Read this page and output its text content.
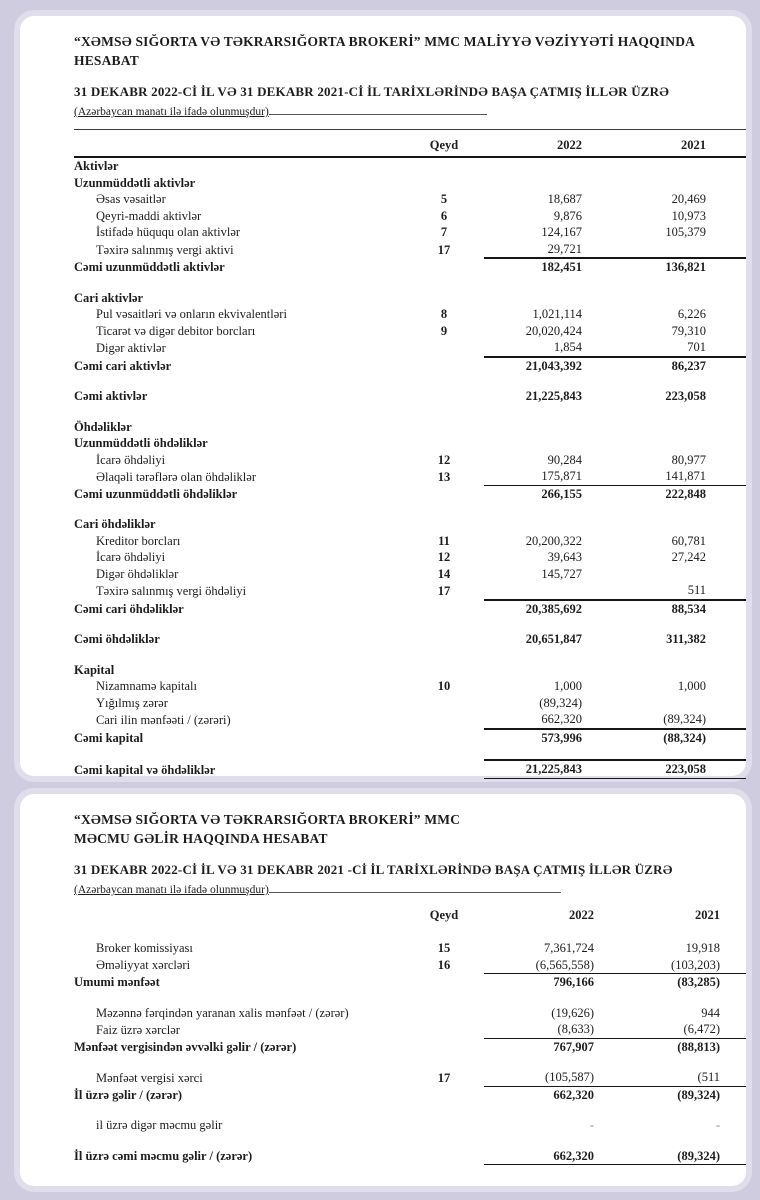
“XƏMSƏ SIĞORTA VƏ TƏKRARSIĞORTA BROKERİ” MMC MALİYYƏ VƏZİYYƏTİ HAQQINDA
HESABAT
31 DEKABR 2022-Cİ İL VƏ 31 DEKABR 2021-Cİ İL TARİXLƏRİNDƏ BAŞA ÇATMIŞ İLLƏR ÜZRƏ
(Azərbaycan manatı ilə ifadə olunmuşdur)
	Qeyd	2022	2021
Aktivlər			
Uzunmüddətli aktivlər			
Əsas vəsaitlər	5	18,687	20,469
Qeyri-maddi aktivlər	6	9,876	10,973
İstifadə hüququ olan aktivlər	7	124,167	105,379
Təxirə salınmış vergi aktivi	17	29,721	
Cəmi uzunmüddətli aktivlər		182,451	136,821

Cari aktivlər			
Pul vəsaitləri və onların ekvivalentləri	8	1,021,114	6,226
Ticarət və digər debitor borcları	9	20,020,424	79,310
Digər aktivlər		1,854	701
Cəmi cari aktivlər		21,043,392	86,237

Cəmi aktivlər		21,225,843	223,058

Öhdəliklər			
Uzunmüddətli öhdəliklər			
İcarə öhdəliyi	12	90,284	80,977
Əlaqəli tərəflərə olan öhdəliklər	13	175,871	141,871
Cəmi uzunmüddətli öhdəliklər		266,155	222,848

Cari öhdəliklər			
Kreditor borcları	11	20,200,322	60,781
İcarə öhdəliyi	12	39,643	27,242
Digər öhdəliklər	14	145,727	
Təxirə salınmış vergi öhdəliyi	17		511
Cəmi cari öhdəliklər		20,385,692	88,534

Cəmi öhdəliklər		20,651,847	311,382

Kapital			
Nizamnamə kapitalı	10	1,000	1,000
Yığılmış zərər		(89,324)	
Cari ilin mənfəəti / (zərəri)		662,320	(89,324)
Cəmi kapital		573,996	(88,324)

Cəmi kapital və öhdəliklər		21,225,843	223,058
“XƏMSƏ SIĞORTA VƏ TƏKRARSIĞORTA BROKERİ” MMC
MƏCMU GƏLİR HAQQINDA HESABAT
31 DEKABR 2022-Cİ İL VƏ 31 DEKABR 2021 -Cİ İL TARİXLƏRİNDƏ BAŞA ÇATMIŞ İLLƏR ÜZRƏ
(Azərbaycan manatı ilə ifadə olunmuşdur)
	Qeyd	2022	2021

Broker komissiyası	15	7,361,724	19,918
Əməliyyat xərcləri	16	(6,565,558)	(103,203)
Umumi mənfəət		796,166	(83,285)

Məzənnə fərqindən yaranan xalis mənfəət / (zərər)		(19,626)	944
Faiz üzrə xərclər		(8,633)	(6,472)
Mənfəət vergisindən əvvəlki gəlir / (zərər)		767,907	(88,813)

Mənfəət vergisi xərci	17	(105,587)	(511
İl üzrə gəlir / (zərər)		662,320	(89,324)

il üzrə digər məcmu gəlir		-	-

İl üzrə cəmi məcmu gəlir / (zərər)		662,320	(89,324)
